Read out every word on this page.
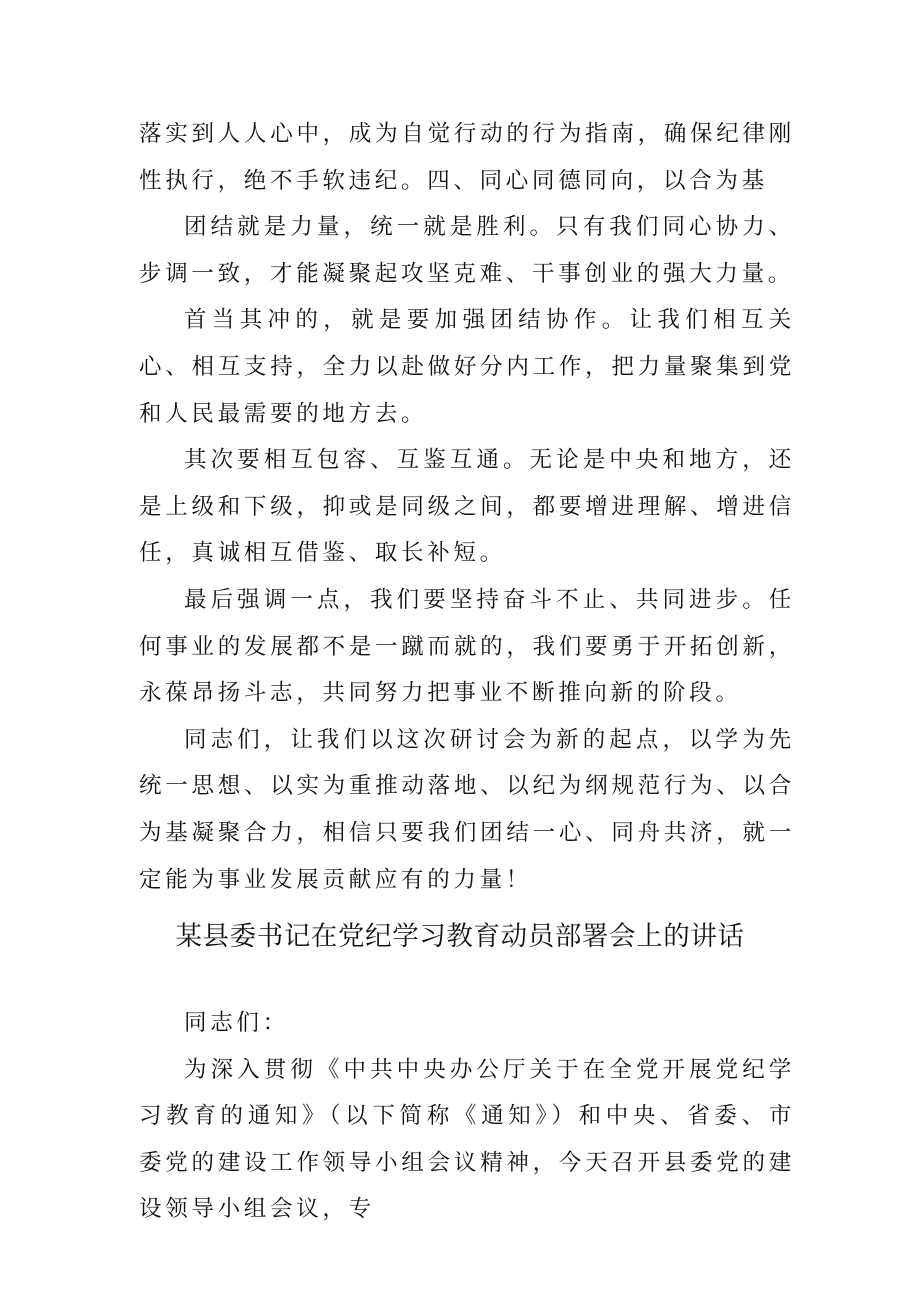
落实到人人心中，成为自觉行动的行为指南，确保纪律刚性执行，绝不手软违纪。四、同心同德同向，以合为基

团结就是力量，统一就是胜利。只有我们同心协力、步调一致，才能凝聚起攻坚克难、干事创业的强大力量。

首当其冲的，就是要加强团结协作。让我们相互关心、相互支持，全力以赴做好分内工作，把力量聚集到党和人民最需要的地方去。

其次要相互包容、互鉴互通。无论是中央和地方，还是上级和下级，抑或是同级之间，都要增进理解、增进信任，真诚相互借鉴、取长补短。

最后强调一点，我们要坚持奋斗不止、共同进步。任何事业的发展都不是一蹴而就的，我们要勇于开拓创新，永葆昂扬斗志，共同努力把事业不断推向新的阶段。

同志们，让我们以这次研讨会为新的起点，以学为先统一思想、以实为重推动落地、以纪为纲规范行为、以合为基凝聚合力，相信只要我们团结一心、同舟共济，就一定能为事业发展贡献应有的力量！

某县委书记在党纪学习教育动员部署会上的讲话

同志们：

为深入贯彻《中共中央办公厅关于在全党开展党纪学习教育的通知》（以下简称《通知》）和中央、省委、市委党的建设工作领导小组会议精神，今天召开县委党的建设领导小组会议，专
